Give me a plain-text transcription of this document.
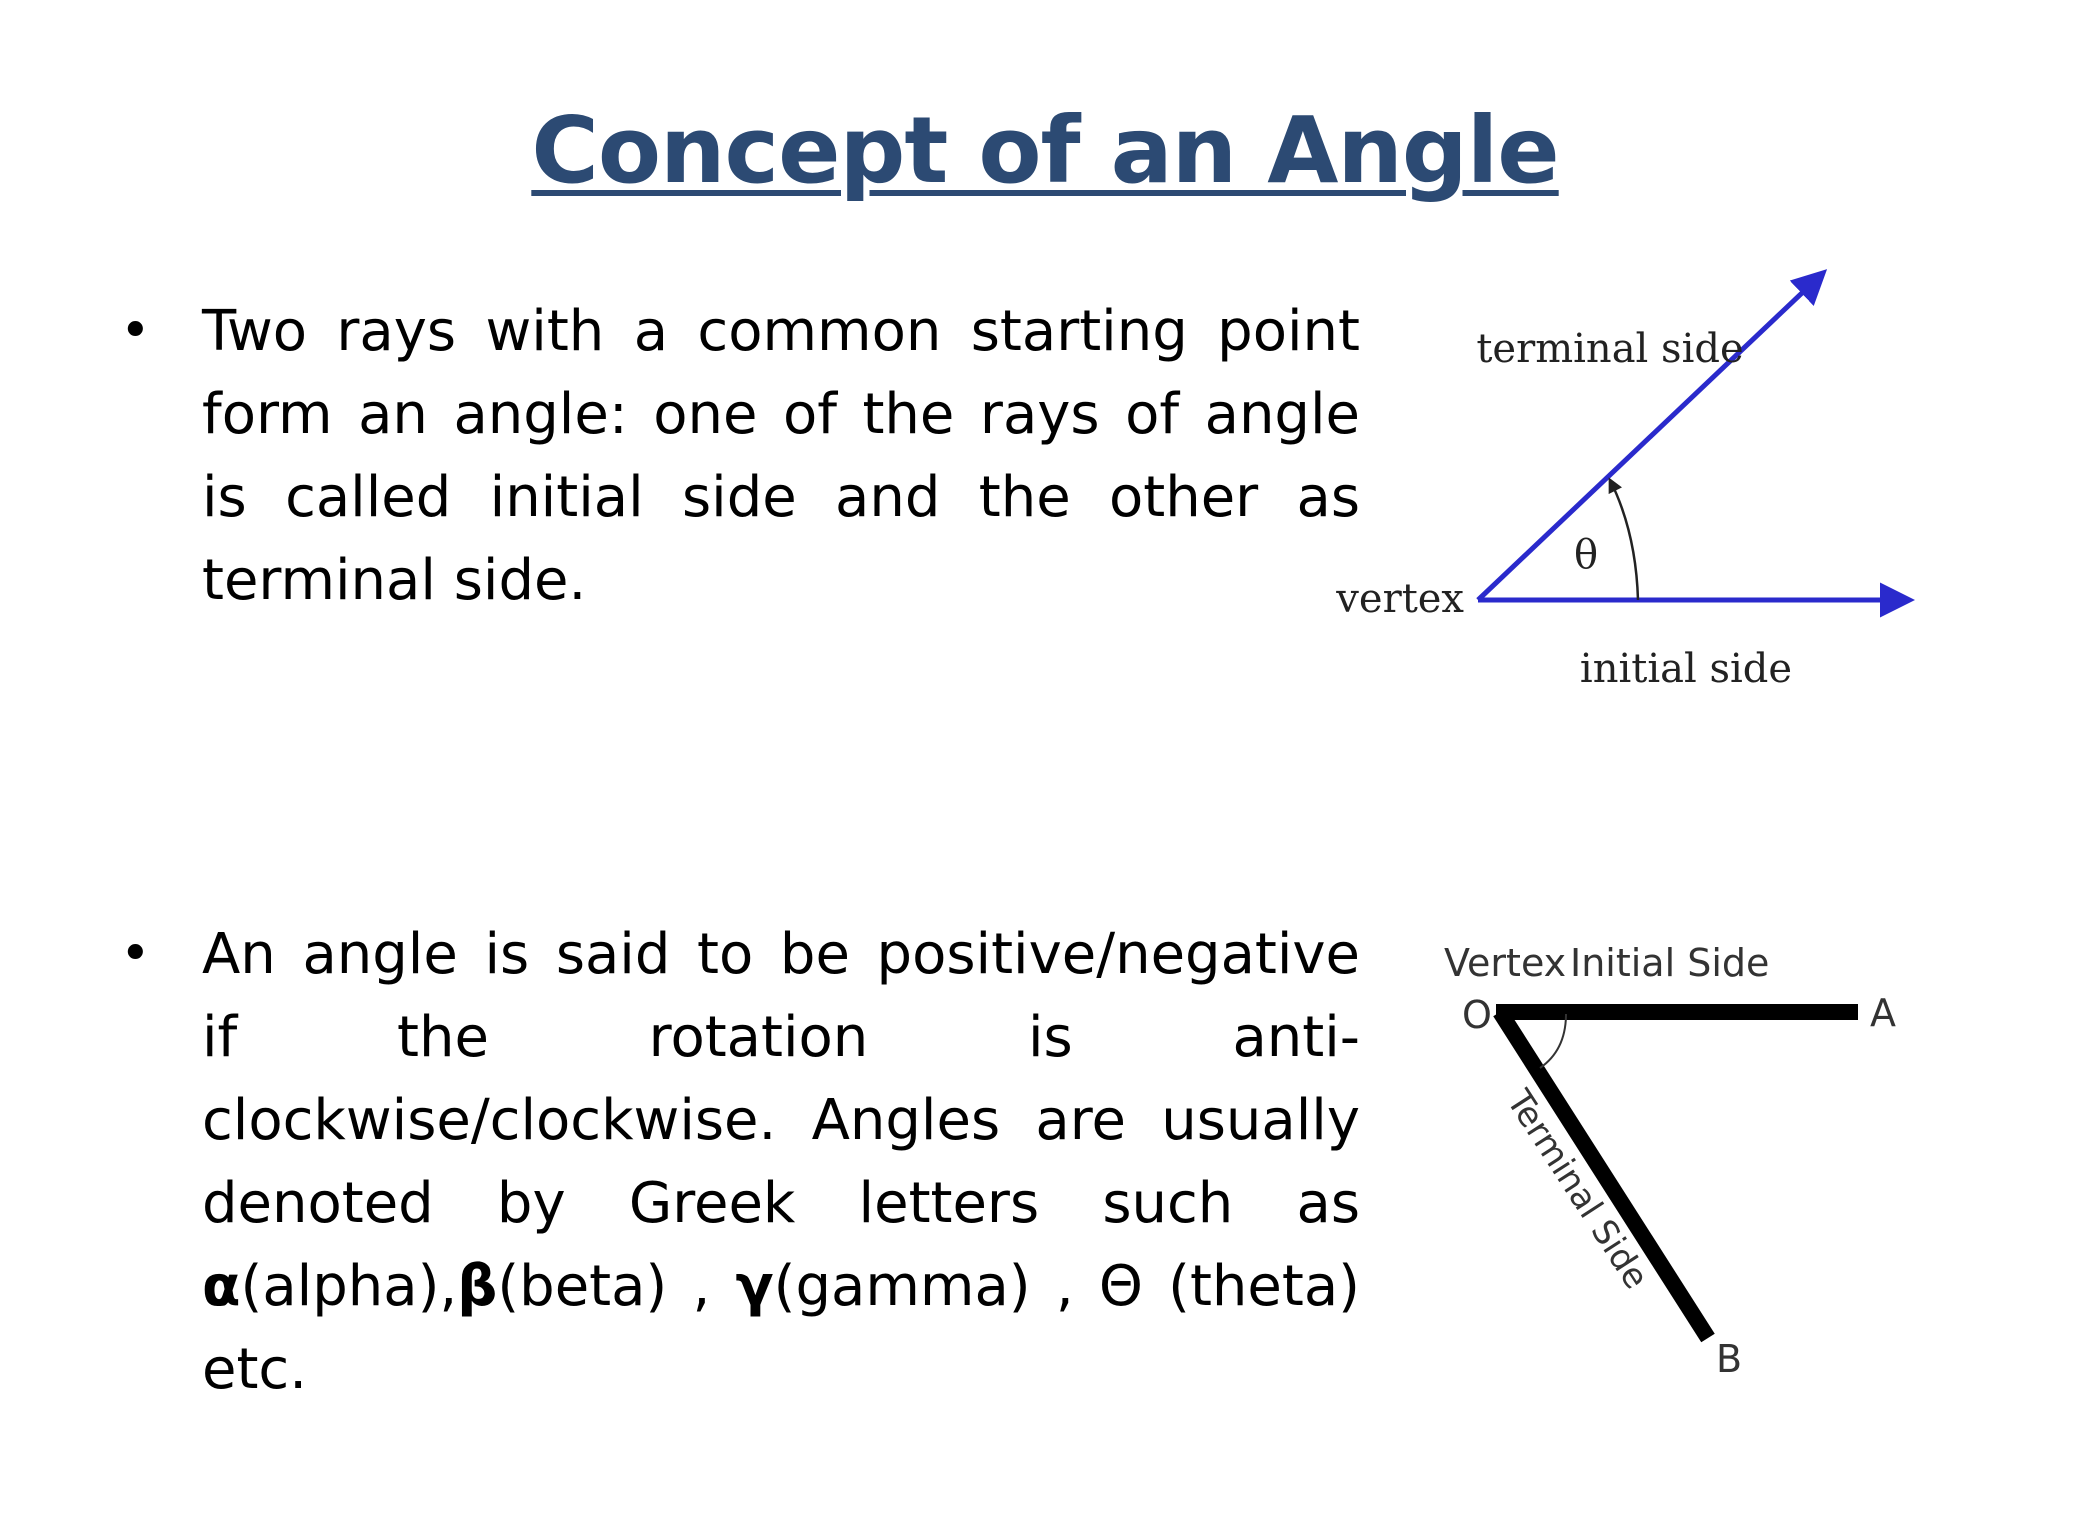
Concept of an Angle
• Two rays with a common starting point form an angle: one of the rays of angle is called initial side and the other as terminal side.
• An angle is said to be positive/negative if the rotation is anti-clockwise/clockwise. Angles are usually denoted by Greek letters such as α(alpha),β(beta) , γ(gamma) , Θ (theta) etc.
terminal side
initial side
vertex
θ
Vertex Initial Side
O	A
B
Terminal Side
